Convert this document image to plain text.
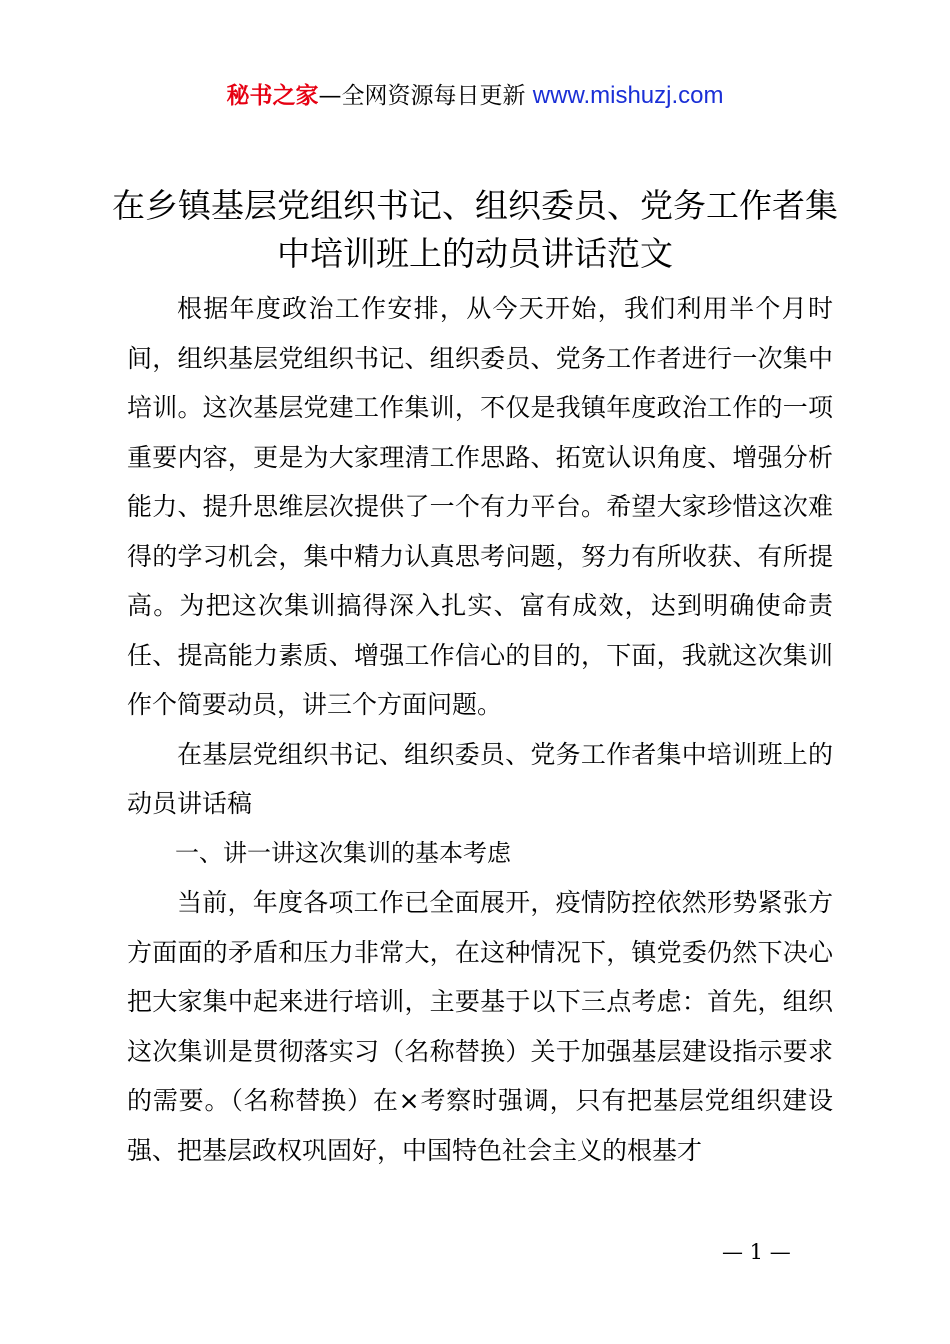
秘书之家—全网资源每日更新 www.mishuzj.com
在乡镇基层党组织书记、组织委员、党务工作者集中培训班上的动员讲话范文

根据年度政治工作安排，从今天开始，我们利用半个月时间，组织基层党组织书记、组织委员、党务工作者进行一次集中培训。这次基层党建工作集训，不仅是我镇年度政治工作的一项重要内容，更是为大家理清工作思路、拓宽认识角度、增强分析能力、提升思维层次提供了一个有力平台。希望大家珍惜这次难得的学习机会，集中精力认真思考问题，努力有所收获、有所提高。为把这次集训搞得深入扎实、富有成效，达到明确使命责任、提高能力素质、增强工作信心的目的，下面，我就这次集训作个简要动员，讲三个方面问题。

在基层党组织书记、组织委员、党务工作者集中培训班上的动员讲话稿

一、讲一讲这次集训的基本考虑

当前，年度各项工作已全面展开，疫情防控依然形势紧张方方面面的矛盾和压力非常大，在这种情况下，镇党委仍然下决心把大家集中起来进行培训，主要基于以下三点考虑：首先，组织这次集训是贯彻落实习（名称替换）关于加强基层建设指示要求的需要。（名称替换）在×考察时强调，只有把基层党组织建设强、把基层政权巩固好，中国特色社会主义的根基才

— 1 —
